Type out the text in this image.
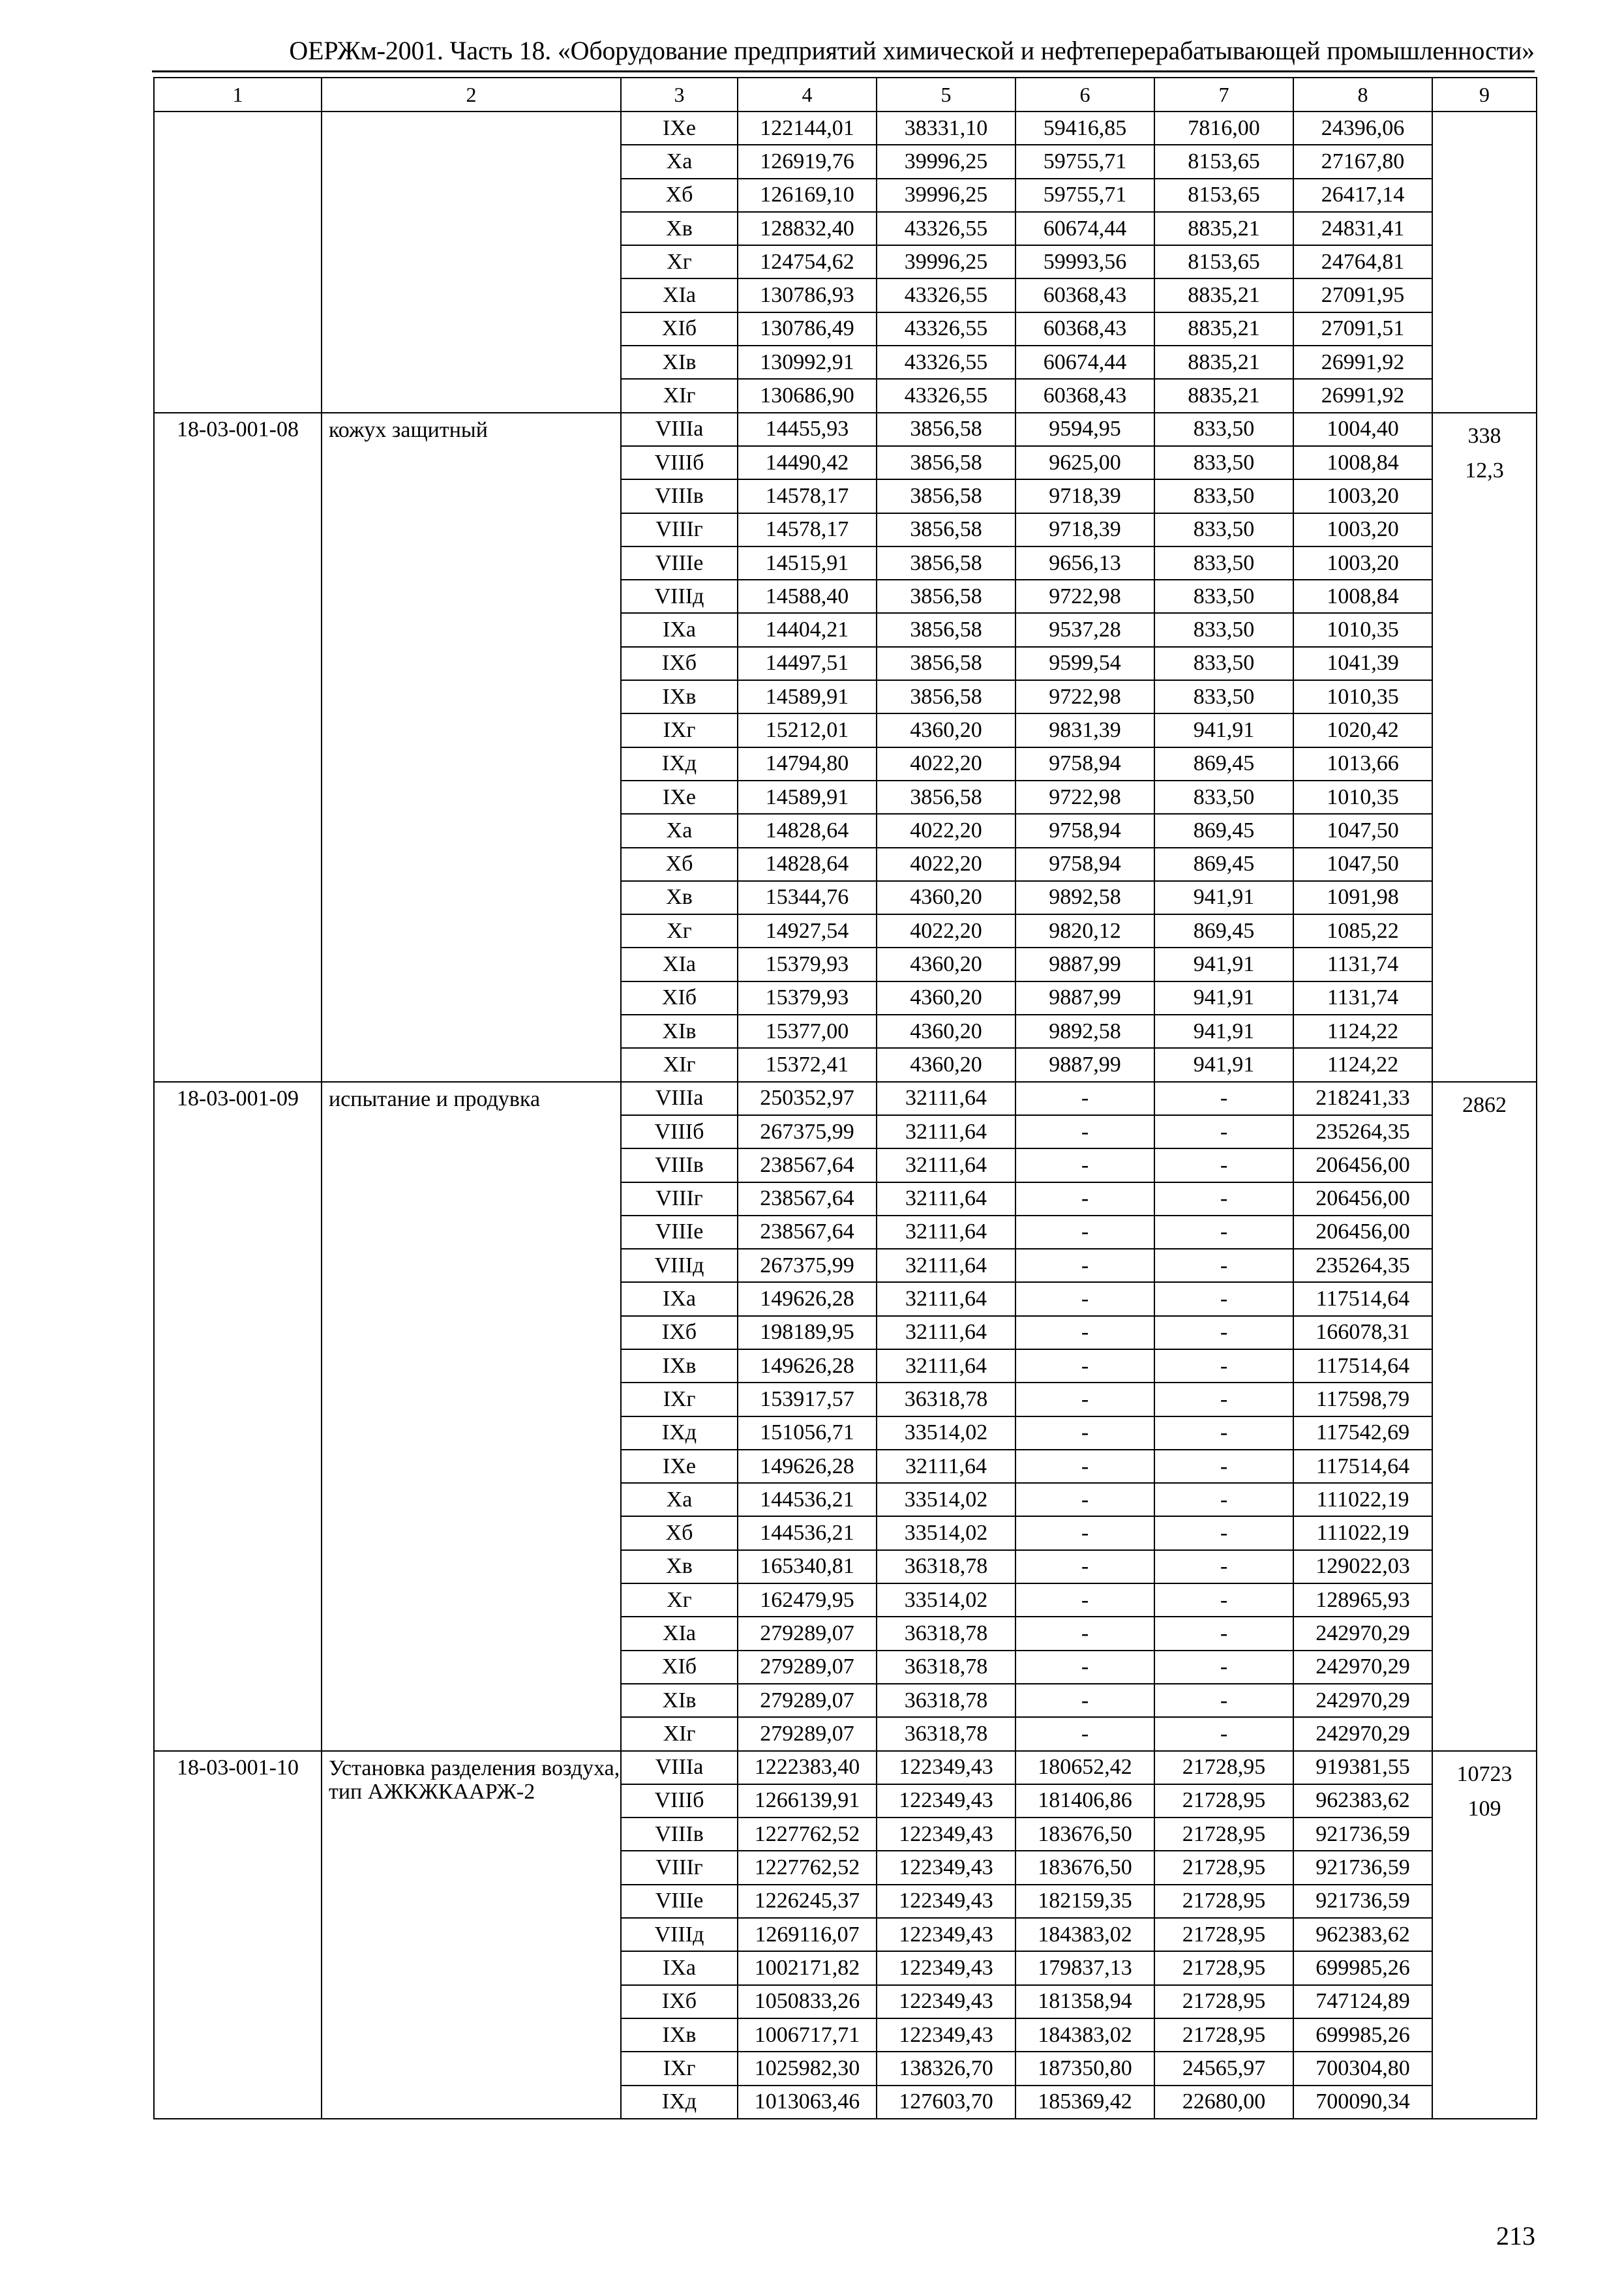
ОЕРЖм-2001. Часть 18. «Оборудование предприятий химической и нефтеперерабатывающей промышленности»
1	2	3	4	5	6	7	8	9
		IXe	122144,01	38331,10	59416,85	7816,00	24396,06	
		Xa	126919,76	39996,25	59755,71	8153,65	27167,80	
		Xб	126169,10	39996,25	59755,71	8153,65	26417,14	
		Xв	128832,40	43326,55	60674,44	8835,21	24831,41	
		Xг	124754,62	39996,25	59993,56	8153,65	24764,81	
		XIa	130786,93	43326,55	60368,43	8835,21	27091,95	
		XIб	130786,49	43326,55	60368,43	8835,21	27091,51	
		XIв	130992,91	43326,55	60674,44	8835,21	26991,92	
		XIг	130686,90	43326,55	60368,43	8835,21	26991,92	
18-03-001-08	кожух защитный	VIIIa	14455,93	3856,58	9594,95	833,50	1004,40	338
12,3
		VIIIб	14490,42	3856,58	9625,00	833,50	1008,84	
		VIIIв	14578,17	3856,58	9718,39	833,50	1003,20	
		VIIIг	14578,17	3856,58	9718,39	833,50	1003,20	
		VIIIe	14515,91	3856,58	9656,13	833,50	1003,20	
		VIIIд	14588,40	3856,58	9722,98	833,50	1008,84	
		IXa	14404,21	3856,58	9537,28	833,50	1010,35	
		IXб	14497,51	3856,58	9599,54	833,50	1041,39	
		IXв	14589,91	3856,58	9722,98	833,50	1010,35	
		IXг	15212,01	4360,20	9831,39	941,91	1020,42	
		IXд	14794,80	4022,20	9758,94	869,45	1013,66	
		IXe	14589,91	3856,58	9722,98	833,50	1010,35	
		Xa	14828,64	4022,20	9758,94	869,45	1047,50	
		Xб	14828,64	4022,20	9758,94	869,45	1047,50	
		Xв	15344,76	4360,20	9892,58	941,91	1091,98	
		Xг	14927,54	4022,20	9820,12	869,45	1085,22	
		XIa	15379,93	4360,20	9887,99	941,91	1131,74	
		XIб	15379,93	4360,20	9887,99	941,91	1131,74	
		XIв	15377,00	4360,20	9892,58	941,91	1124,22	
		XIг	15372,41	4360,20	9887,99	941,91	1124,22	
18-03-001-09	испытание и продувка	VIIIa	250352,97	32111,64	-	-	218241,33	2862
		VIIIб	267375,99	32111,64	-	-	235264,35	
		VIIIв	238567,64	32111,64	-	-	206456,00	
		VIIIг	238567,64	32111,64	-	-	206456,00	
		VIIIe	238567,64	32111,64	-	-	206456,00	
		VIIIд	267375,99	32111,64	-	-	235264,35	
		IXa	149626,28	32111,64	-	-	117514,64	
		IXб	198189,95	32111,64	-	-	166078,31	
		IXв	149626,28	32111,64	-	-	117514,64	
		IXг	153917,57	36318,78	-	-	117598,79	
		IXд	151056,71	33514,02	-	-	117542,69	
		IXe	149626,28	32111,64	-	-	117514,64	
		Xa	144536,21	33514,02	-	-	111022,19	
		Xб	144536,21	33514,02	-	-	111022,19	
		Xв	165340,81	36318,78	-	-	129022,03	
		Xг	162479,95	33514,02	-	-	128965,93	
		XIa	279289,07	36318,78	-	-	242970,29	
		XIб	279289,07	36318,78	-	-	242970,29	
		XIв	279289,07	36318,78	-	-	242970,29	
		XIг	279289,07	36318,78	-	-	242970,29	
18-03-001-10	Установка разделения воздуха, тип АЖКЖКААРЖ-2	VIIIa	1222383,40	122349,43	180652,42	21728,95	919381,55	10723
109
		VIIIб	1266139,91	122349,43	181406,86	21728,95	962383,62	
		VIIIв	1227762,52	122349,43	183676,50	21728,95	921736,59	
		VIIIг	1227762,52	122349,43	183676,50	21728,95	921736,59	
		VIIIe	1226245,37	122349,43	182159,35	21728,95	921736,59	
		VIIIд	1269116,07	122349,43	184383,02	21728,95	962383,62	
		IXa	1002171,82	122349,43	179837,13	21728,95	699985,26	
		IXб	1050833,26	122349,43	181358,94	21728,95	747124,89	
		IXв	1006717,71	122349,43	184383,02	21728,95	699985,26	
		IXг	1025982,30	138326,70	187350,80	24565,97	700304,80	
		IXд	1013063,46	127603,70	185369,42	22680,00	700090,34	
213
